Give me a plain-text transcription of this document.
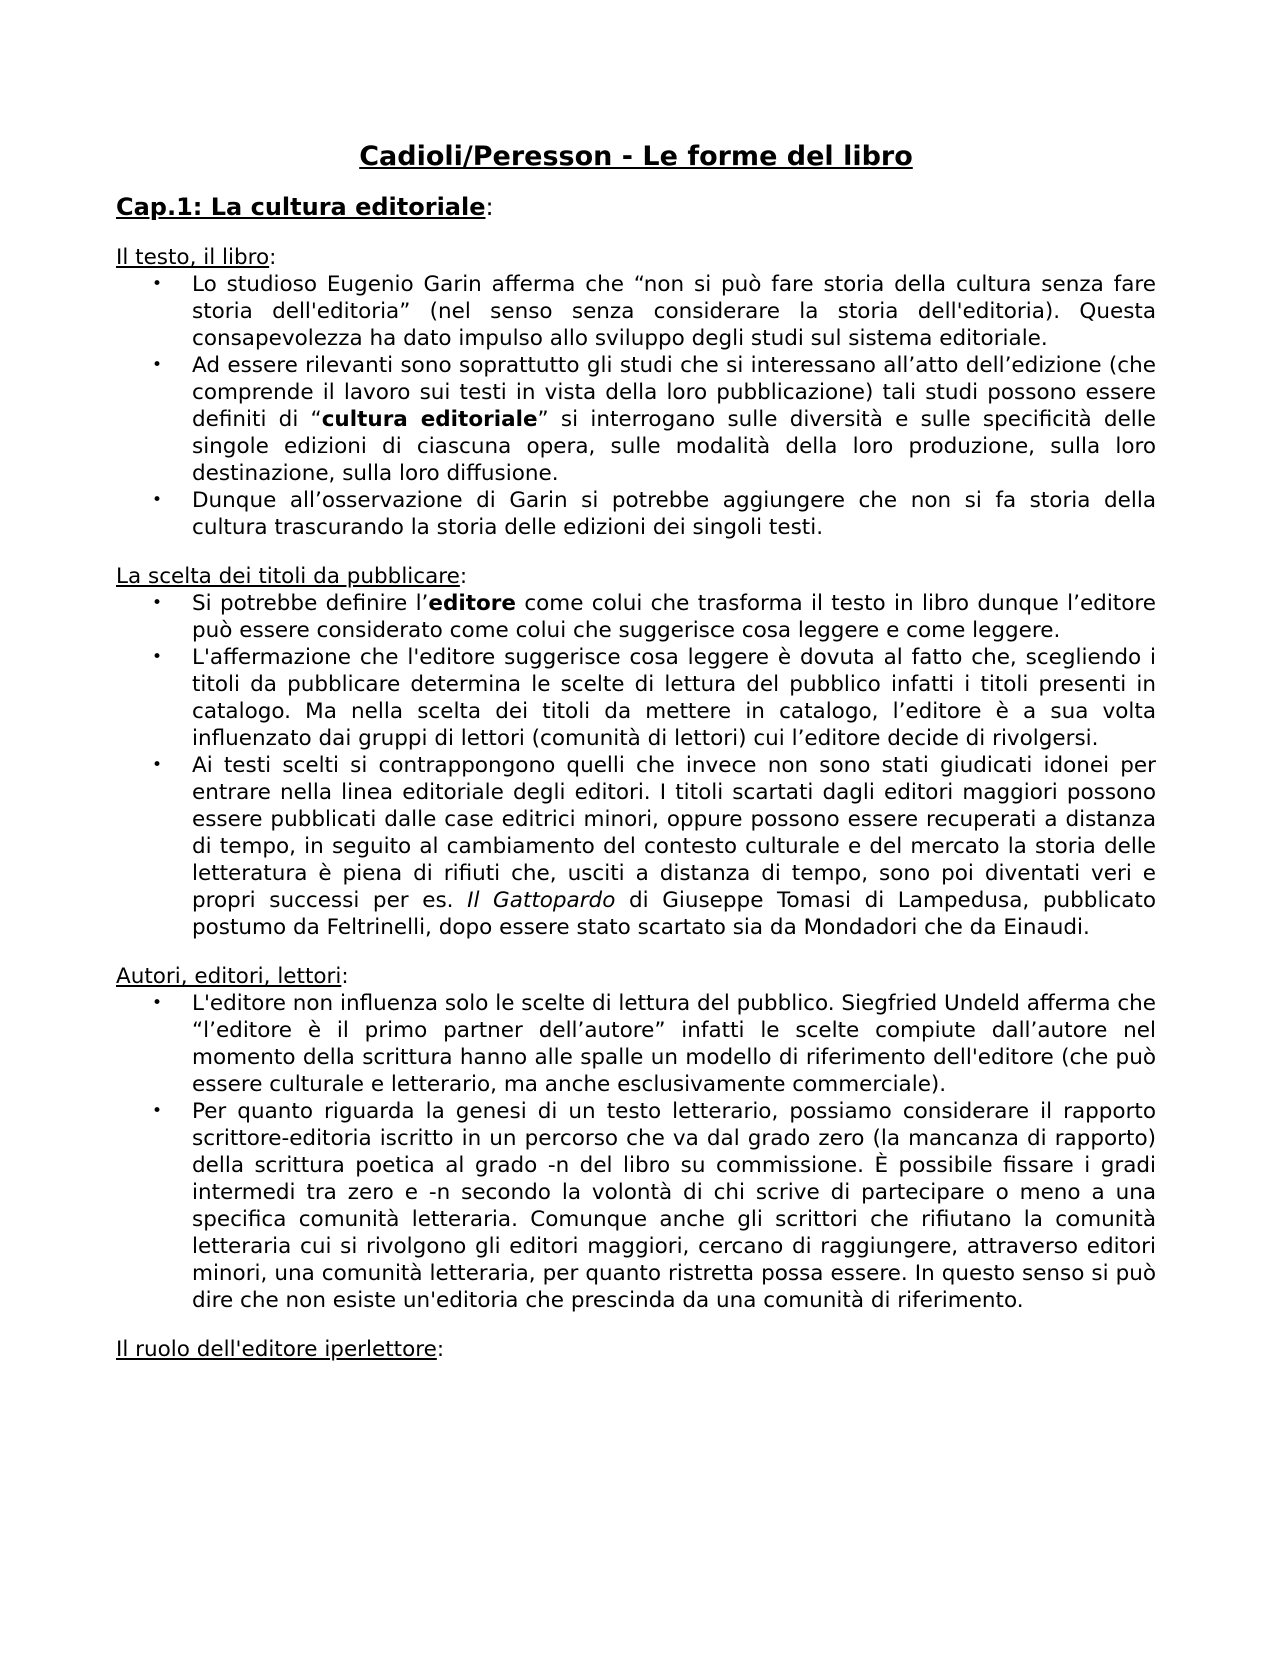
Cadioli/Peresson - Le forme del libro
Cap.1: La cultura editoriale:
Il testo, il libro:
• Lo studioso Eugenio Garin afferma che “non si può fare storia della cultura senza fare storia dell'editoria” (nel senso senza considerare la storia dell'editoria). Questa consapevolezza ha dato impulso allo sviluppo degli studi sul sistema editoriale.
• Ad essere rilevanti sono soprattutto gli studi che si interessano all’atto dell’edizione (che comprende il lavoro sui testi in vista della loro pubblicazione) tali studi possono essere definiti di “cultura editoriale” si interrogano sulle diversità e sulle specificità delle singole edizioni di ciascuna opera, sulle modalità della loro produzione, sulla loro destinazione, sulla loro diffusione.
• Dunque all’osservazione di Garin si potrebbe aggiungere che non si fa storia della cultura trascurando la storia delle edizioni dei singoli testi.
La scelta dei titoli da pubblicare:
• Si potrebbe definire l’editore come colui che trasforma il testo in libro dunque l’editore può essere considerato come colui che suggerisce cosa leggere e come leggere.
• L'affermazione che l'editore suggerisce cosa leggere è dovuta al fatto che, scegliendo i titoli da pubblicare determina le scelte di lettura del pubblico infatti i titoli presenti in catalogo. Ma nella scelta dei titoli da mettere in catalogo, l’editore è a sua volta influenzato dai gruppi di lettori (comunità di lettori) cui l’editore decide di rivolgersi.
• Ai testi scelti si contrappongono quelli che invece non sono stati giudicati idonei per entrare nella linea editoriale degli editori. I titoli scartati dagli editori maggiori possono essere pubblicati dalle case editrici minori, oppure possono essere recuperati a distanza di tempo, in seguito al cambiamento del contesto culturale e del mercato la storia delle letteratura è piena di rifiuti che, usciti a distanza di tempo, sono poi diventati veri e propri successi per es. Il Gattopardo di Giuseppe Tomasi di Lampedusa, pubblicato postumo da Feltrinelli, dopo essere stato scartato sia da Mondadori che da Einaudi.
Autori, editori, lettori:
• L'editore non influenza solo le scelte di lettura del pubblico. Siegfried Undeld afferma che “l’editore è il primo partner dell’autore” infatti le scelte compiute dall’autore nel momento della scrittura hanno alle spalle un modello di riferimento dell'editore (che può essere culturale e letterario, ma anche esclusivamente commerciale).
• Per quanto riguarda la genesi di un testo letterario, possiamo considerare il rapporto scrittore-editoria iscritto in un percorso che va dal grado zero (la mancanza di rapporto) della scrittura poetica al grado -n del libro su commissione. È possibile fissare i gradi intermedi tra zero e -n secondo la volontà di chi scrive di partecipare o meno a una specifica comunità letteraria. Comunque anche gli scrittori che rifiutano la comunità letteraria cui si rivolgono gli editori maggiori, cercano di raggiungere, attraverso editori minori, una comunità letteraria, per quanto ristretta possa essere. In questo senso si può dire che non esiste un'editoria che prescinda da una comunità di riferimento.
Il ruolo dell'editore iperlettore:
